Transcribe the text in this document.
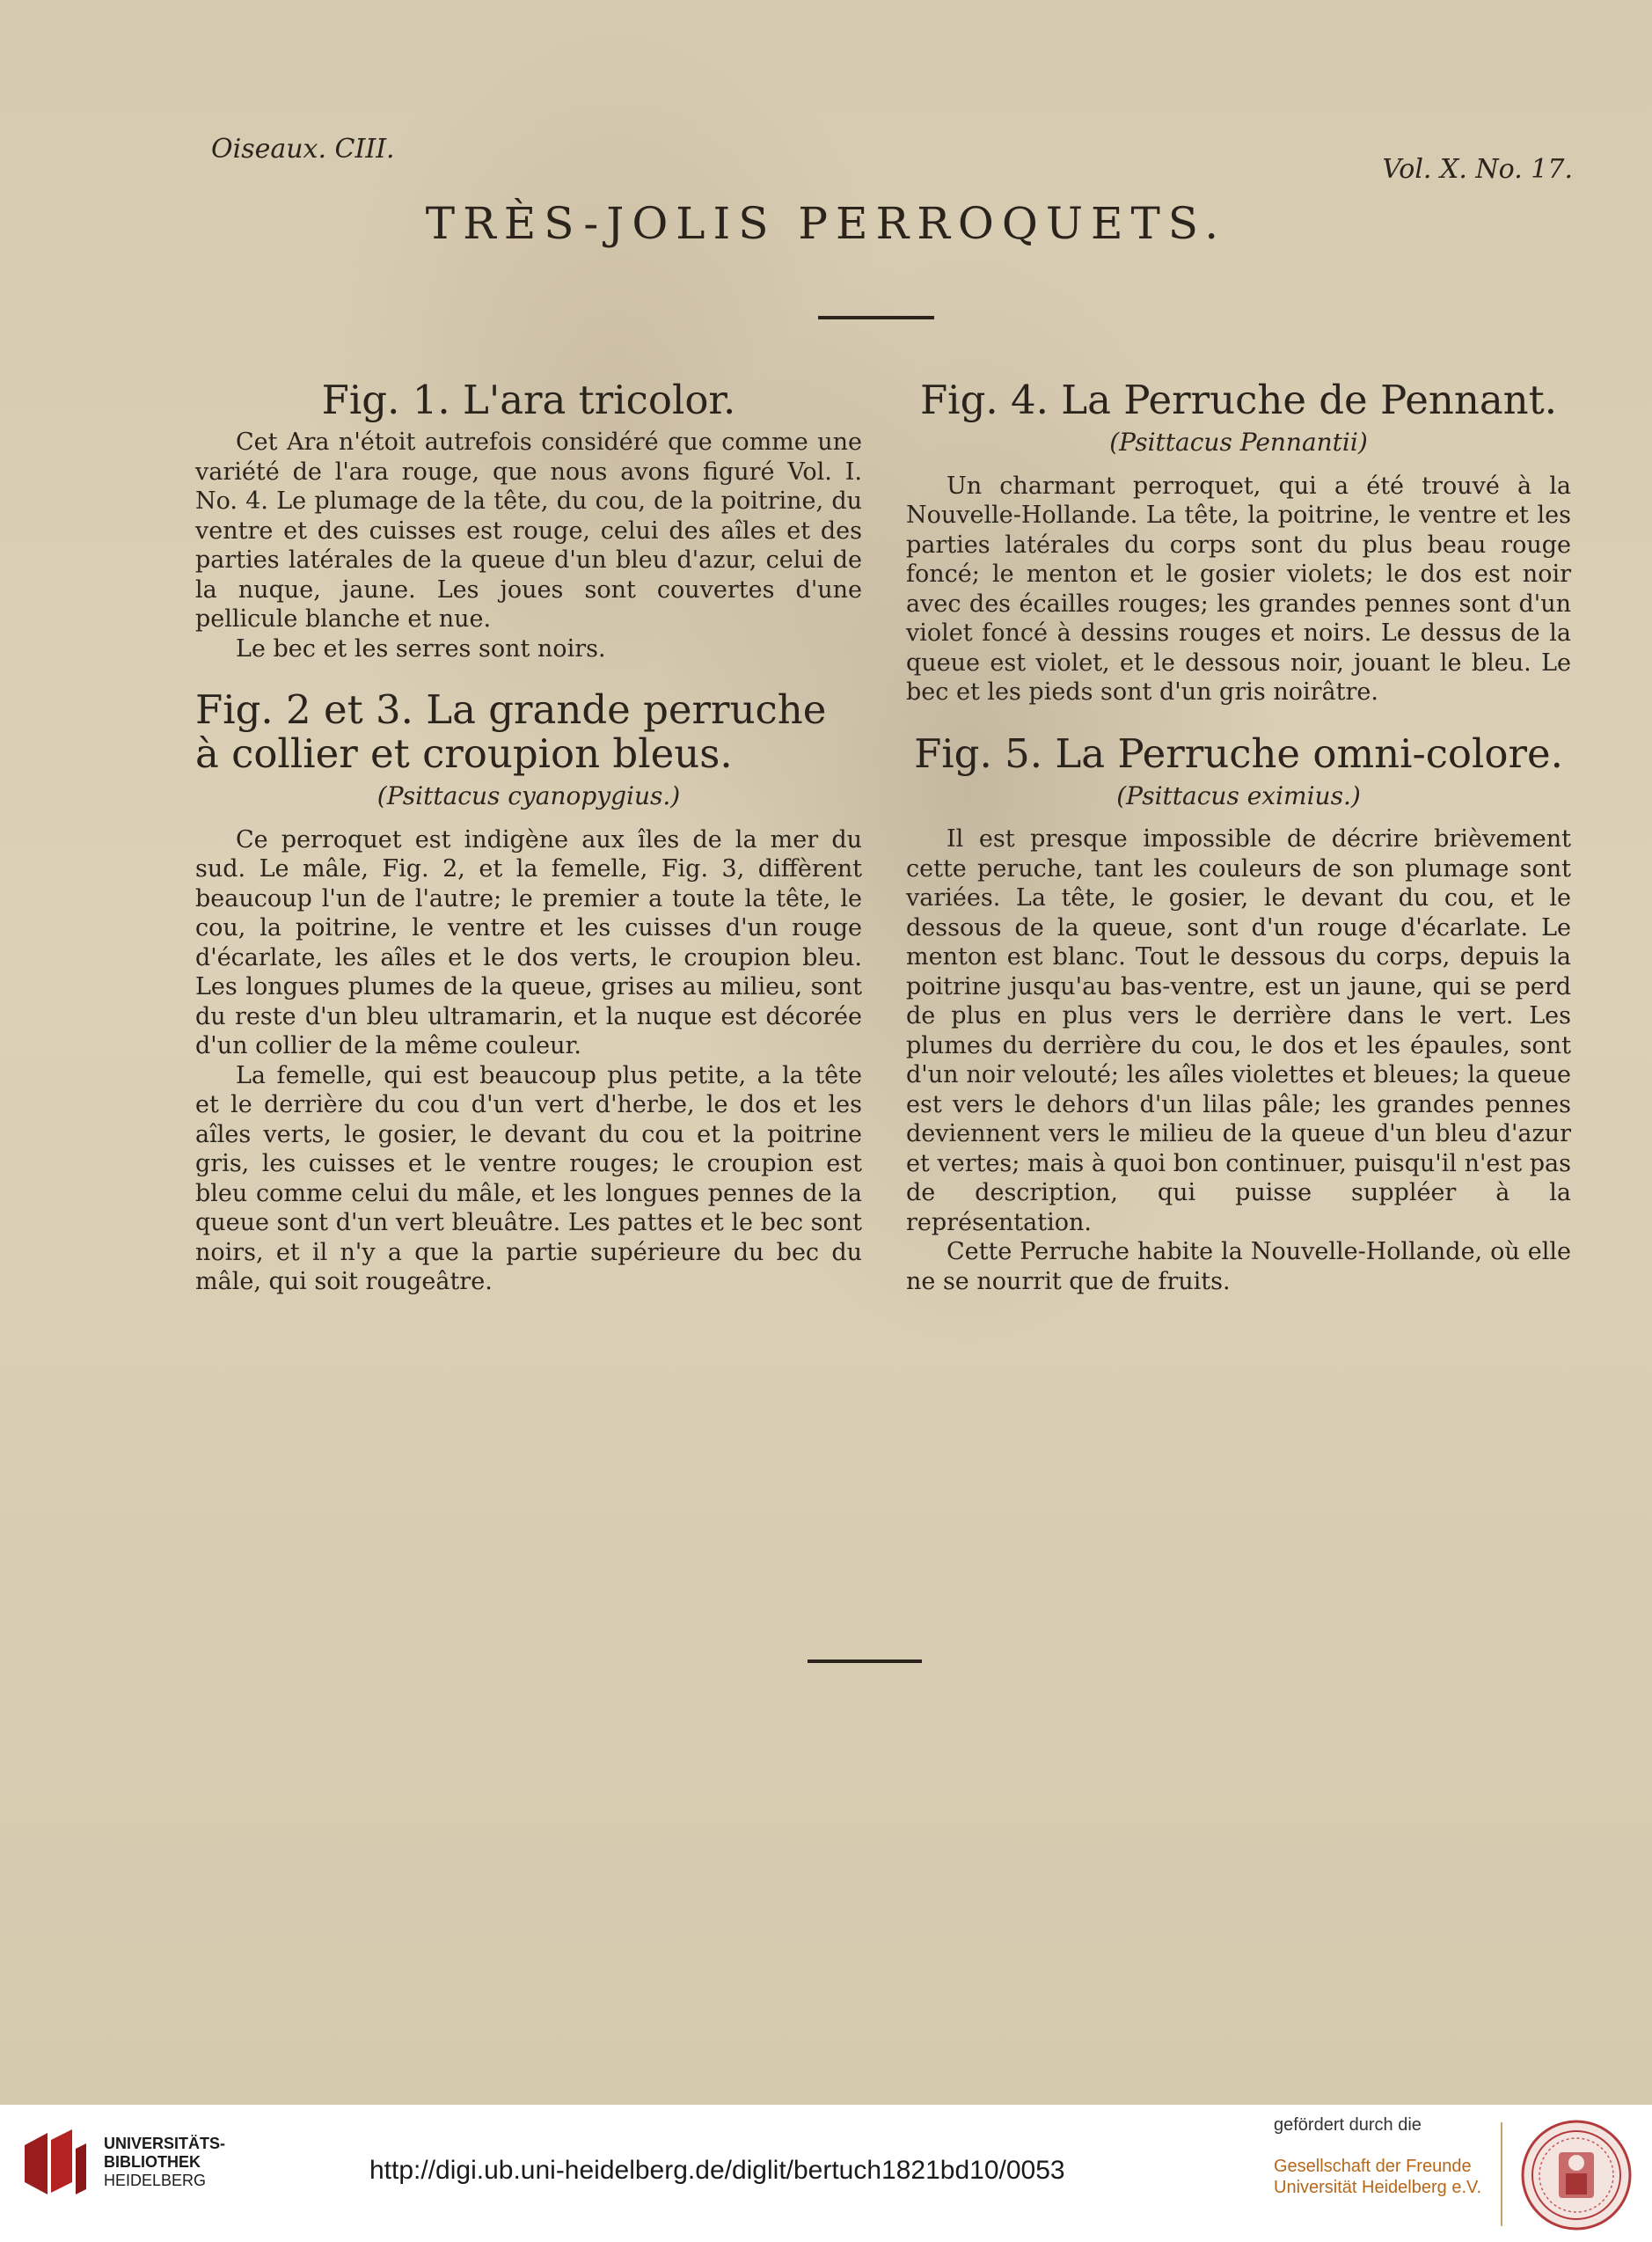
Oiseaux. CIII.
Vol. X. No. 17.
TRÈS-JOLIS PERROQUETS.
Fig. 1. L'ara tricolor.

Cet Ara n'étoit autrefois considéré que comme une variété de l'ara rouge, que nous avons figuré Vol. I. No. 4. Le plumage de la tête, du cou, de la poitrine, du ventre et des cuisses est rouge, celui des aîles et des parties latérales de la queue d'un bleu d'azur, celui de la nuque, jaune. Les joues sont couvertes d'une pellicule blanche et nue.

Le bec et les serres sont noirs.

Fig. 2 et 3. La grande perruche à collier et croupion bleus.
(Psittacus cyanopygius.)

Ce perroquet est indigène aux îles de la mer du sud. Le mâle, Fig. 2, et la femelle, Fig. 3, diffèrent beaucoup l'un de l'autre; le premier a toute la tête, le cou, la poitrine, le ventre et les cuisses d'un rouge d'écarlate, les aîles et le dos verts, le croupion bleu. Les longues plumes de la queue, grises au milieu, sont du reste d'un bleu ultramarin, et la nuque est décorée d'un collier de la même couleur.

La femelle, qui est beaucoup plus petite, a la tête et le derrière du cou d'un vert d'herbe, le dos et les aîles verts, le gosier, le devant du cou et la poitrine gris, les cuisses et le ventre rouges; le croupion est bleu comme celui du mâle, et les longues pennes de la queue sont d'un vert bleuâtre. Les pattes et le bec sont noirs, et il n'y a que la partie supérieure du bec du mâle, qui soit rougeâtre.

Fig. 4. La Perruche de Pennant.
(Psittacus Pennantii)

Un charmant perroquet, qui a été trouvé à la Nouvelle-Hollande. La tête, la poitrine, le ventre et les parties latérales du corps sont du plus beau rouge foncé; le menton et le gosier violets; le dos est noir avec des écailles rouges; les grandes pennes sont d'un violet foncé à dessins rouges et noirs. Le dessus de la queue est violet, et le dessous noir, jouant le bleu. Le bec et les pieds sont d'un gris noirâtre.

Fig. 5. La Perruche omni-colore.
(Psittacus eximius.)

Il est presque impossible de décrire brièvement cette peruche, tant les couleurs de son plumage sont variées. La tête, le gosier, le devant du cou, et le dessous de la queue, sont d'un rouge d'écarlate. Le menton est blanc. Tout le dessous du corps, depuis la poitrine jusqu'au bas-ventre, est un jaune, qui se perd de plus en plus vers le derrière dans le vert. Les plumes du derrière du cou, le dos et les épaules, sont d'un noir velouté; les aîles violettes et bleues; la queue est vers le dehors d'un lilas pâle; les grandes pennes deviennent vers le milieu de la queue d'un bleu d'azur et vertes; mais à quoi bon continuer, puisqu'il n'est pas de description, qui puisse suppléer à la représentation.

Cette Perruche habite la Nouvelle-Hollande, où elle ne se nourrit que de fruits.

UNIVERSITÄTS-
BIBLIOTHEK
HEIDELBERG	http://digi.ub.uni-heidelberg.de/diglit/bertuch1821bd10/0053
gefördert durch die
Gesellschaft der Freunde
Universität Heidelberg e.V.
